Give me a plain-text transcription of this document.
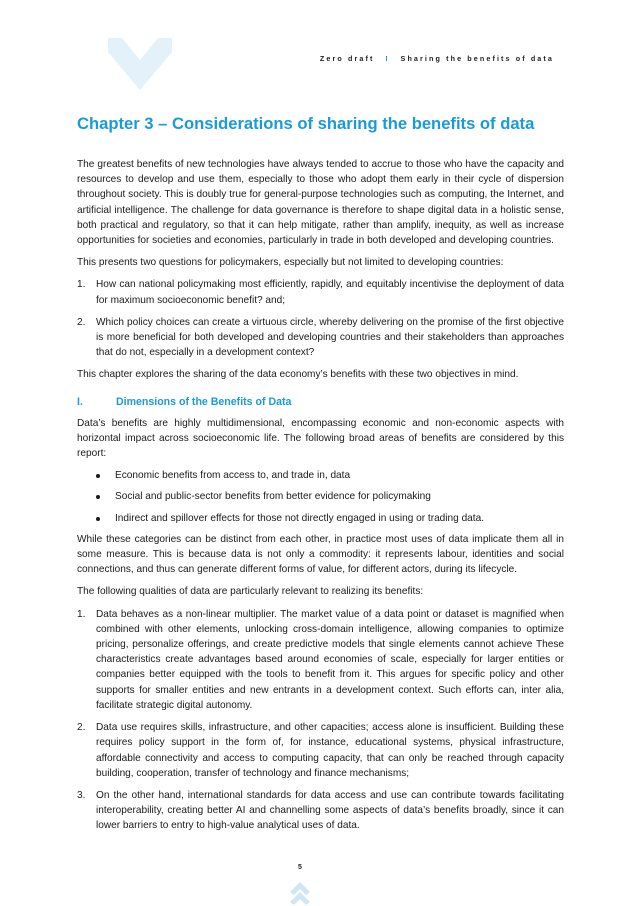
Zero draft I Sharing the benefits of data
Chapter 3 – Considerations of sharing the benefits of data

The greatest benefits of new technologies have always tended to accrue to those who have the capacity and resources to develop and use them, especially to those who adopt them early in their cycle of dispersion throughout society. This is doubly true for general-purpose technologies such as computing, the Internet, and artificial intelligence. The challenge for data governance is therefore to shape digital data in a holistic sense, both practical and regulatory, so that it can help mitigate, rather than amplify, inequity, as well as increase opportunities for societies and economies, particularly in trade in both developed and developing countries.

This presents two questions for policymakers, especially but not limited to developing countries:

1. How can national policymaking most efficiently, rapidly, and equitably incentivise the deployment of data for maximum socioeconomic benefit? and;
2. Which policy choices can create a virtuous circle, whereby delivering on the promise of the first objective is more beneficial for both developed and developing countries and their stakeholders than approaches that do not, especially in a development context?

This chapter explores the sharing of the data economy’s benefits with these two objectives in mind.

I.	Dimensions of the Benefits of Data

Data’s benefits are highly multidimensional, encompassing economic and non-economic aspects with horizontal impact across socioeconomic life. The following broad areas of benefits are considered by this report:

Economic benefits from access to, and trade in, data
Social and public-sector benefits from better evidence for policymaking
Indirect and spillover effects for those not directly engaged in using or trading data.

While these categories can be distinct from each other, in practice most uses of data implicate them all in some measure. This is because data is not only a commodity: it represents labour, identities and social connections, and thus can generate different forms of value, for different actors, during its lifecycle.

The following qualities of data are particularly relevant to realizing its benefits:

1. Data behaves as a non-linear multiplier. The market value of a data point or dataset is magnified when combined with other elements, unlocking cross-domain intelligence, allowing companies to optimize pricing, personalize offerings, and create predictive models that single elements cannot achieve These characteristics create advantages based around economies of scale, especially for larger entities or companies better equipped with the tools to benefit from it. This argues for specific policy and other supports for smaller entities and new entrants in a development context. Such efforts can, inter alia, facilitate strategic digital autonomy.
2. Data use requires skills, infrastructure, and other capacities; access alone is insufficient. Building these requires policy support in the form of, for instance, educational systems, physical infrastructure, affordable connectivity and access to computing capacity, that can only be reached through capacity building, cooperation, transfer of technology and finance mechanisms;
3. On the other hand, international standards for data access and use can contribute towards facilitating interoperability, creating better AI and channelling some aspects of data’s benefits broadly, since it can lower barriers to entry to high-value analytical uses of data.
5
